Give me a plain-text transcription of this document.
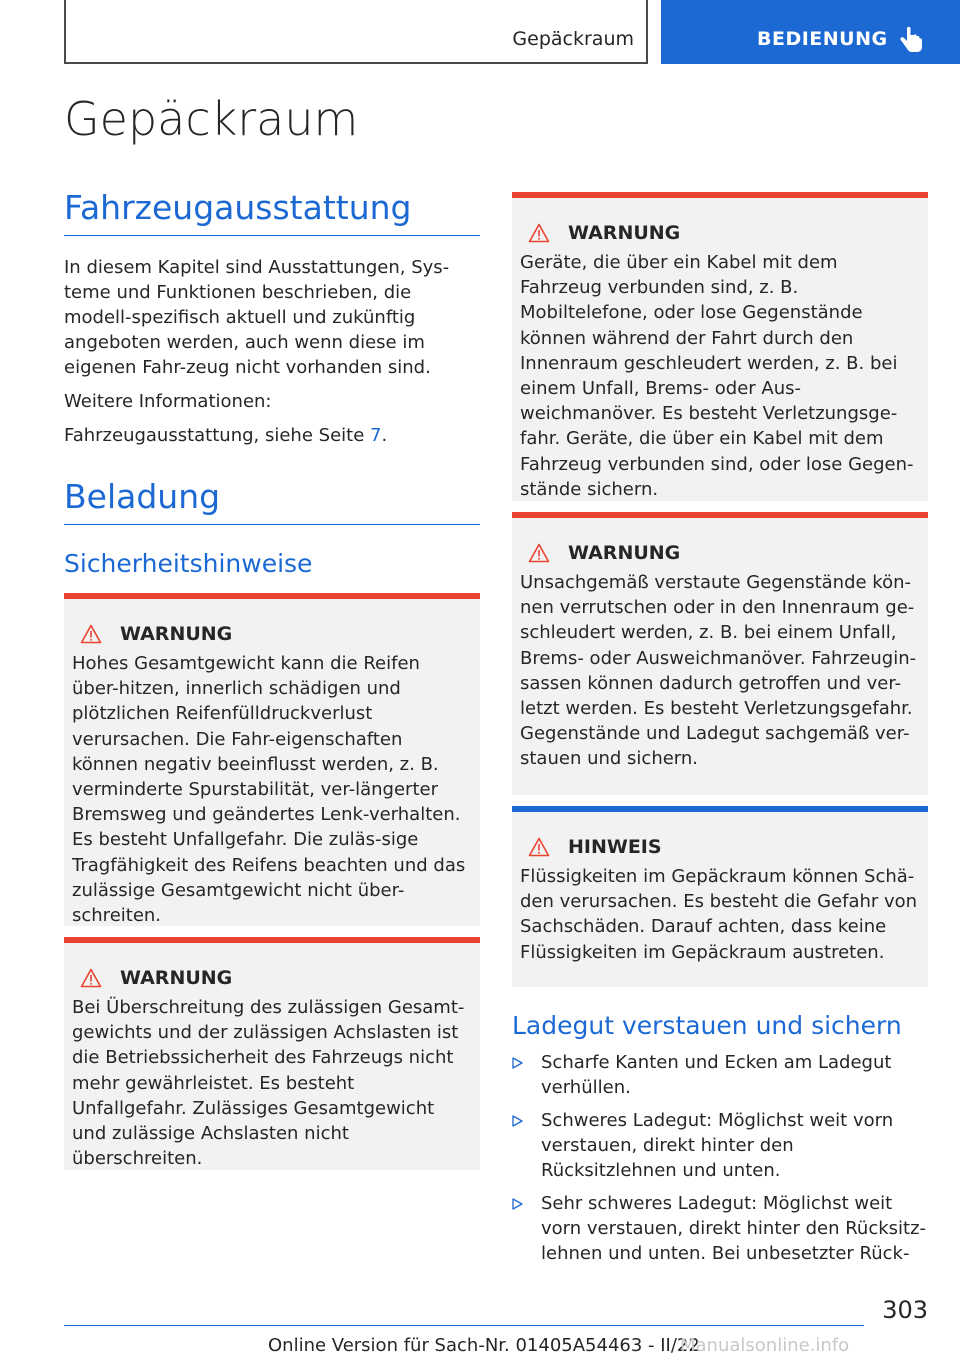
Gepäckraum	BEDIENUNG
Gepäckraum
Fahrzeugausstattung

In diesem Kapitel sind Ausstattungen, Sys-teme und Funktionen beschrieben, die modell-spezifisch aktuell und zukünftig angeboten werden, auch wenn diese im eigenen Fahr-zeug nicht vorhanden sind.

Weitere Informationen:

Fahrzeugausstattung, siehe Seite 7.

Beladung
Sicherheitshinweise
WARNUNG

Hohes Gesamtgewicht kann die Reifen über-hitzen, innerlich schädigen und plötzlichen Reifenfülldruckverlust verursachen. Die Fahr-eigenschaften können negativ beeinflusst werden, z. B. verminderte Spurstabilität, ver-längerter Bremsweg und geändertes Lenk-verhalten. Es besteht Unfallgefahr. Die zuläs-sige Tragfähigkeit des Reifens beachten und das zulässige Gesamtgewicht nicht über-schreiten.

WARNUNG

Bei Überschreitung des zulässigen Gesamt-gewichts und der zulässigen Achslasten ist die Betriebssicherheit des Fahrzeugs nicht mehr gewährleistet. Es besteht Unfallgefahr. Zulässiges Gesamtgewicht und zulässige Achslasten nicht überschreiten.

WARNUNG

Geräte, die über ein Kabel mit dem Fahrzeug verbunden sind, z. B. Mobiltelefone, oder lose Gegenstände können während der Fahrt durch den Innenraum geschleudert werden, z. B. bei einem Unfall, Brems- oder Aus-weichmanöver. Es besteht Verletzungsge-fahr. Geräte, die über ein Kabel mit dem Fahrzeug verbunden sind, oder lose Gegen-stände sichern.

WARNUNG

Unsachgemäß verstaute Gegenstände kön-nen verrutschen oder in den Innenraum ge-schleudert werden, z. B. bei einem Unfall, Brems- oder Ausweichmanöver. Fahrzeugin-sassen können dadurch getroffen und ver-letzt werden. Es besteht Verletzungsgefahr. Gegenstände und Ladegut sachgemäß ver-stauen und sichern.

HINWEIS

Flüssigkeiten im Gepäckraum können Schä-den verursachen. Es besteht die Gefahr von Sachschäden. Darauf achten, dass keine Flüssigkeiten im Gepäckraum austreten.

Ladegut verstauen und sichern
Scharfe Kanten und Ecken am Ladegut verhüllen.
Schweres Ladegut: Möglichst weit vorn verstauen, direkt hinter den Rücksitzlehnen und unten.
Sehr schweres Ladegut: Möglichst weit vorn verstauen, direkt hinter den Rücksitz-lehnen und unten. Bei unbesetzter Rück-
303
Online Version für Sach-Nr. 01405A54463 - II/22
Manualsonline.info
